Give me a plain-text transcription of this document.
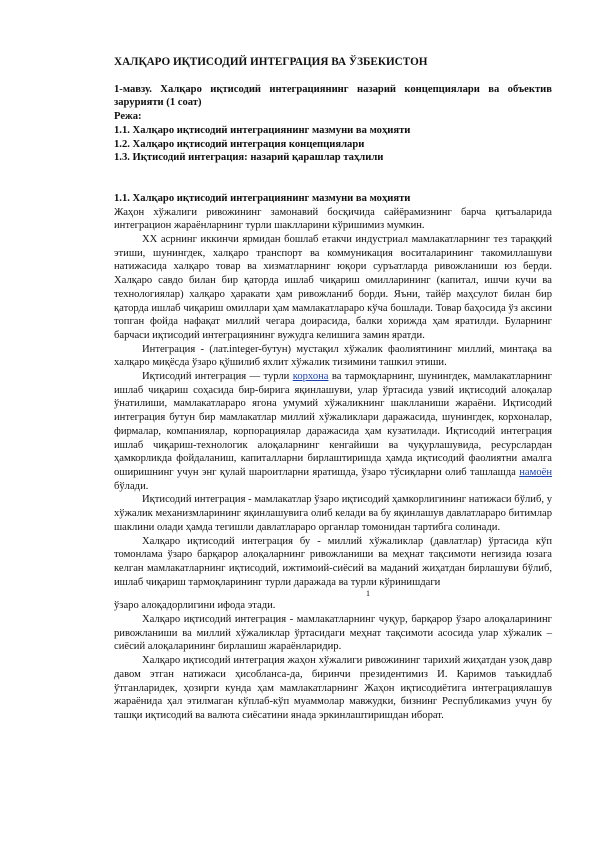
ХАЛҚАРО ИҚТИСОДИЙ ИНТЕГРАЦИЯ ВА ЎЗБЕКИСТОН

1-мавзу. Халқаро иқтисодий интеграциянинг назарий концепциялари ва объектив зарурияти (1 соат)

Режа:

1.1. Халқаро иқтисодий интеграциянинг мазмуни ва моҳияти

1.2. Халқаро иқтисодий интеграция концепциялари

1.3. Иқтисодий интеграция: назарий қарашлар таҳлили

1.1. Халқаро иқтисодий интеграциянинг мазмуни ва моҳияти

Жаҳон хўжалиги ривожининг замонавий босқичида сайёрамизнинг барча қитъаларида интеграцион жараёнларнинг турли шаклларини кўришимиз мумкин.

XX асрнинг иккинчи ярмидан бошлаб етакчи индустриал мамлакатларнинг тез тараққий этиши, шунингдек, халқаро транспорт ва коммуникация воситаларининг такомиллашуви натижасида халқаро товар ва хизматларнинг юқори суръатларда ривожланиши юз берди. Халқаро савдо билан бир қаторда ишлаб чиқариш омилларининг (капитал, ишчи кучи ва технологиялар) халқаро ҳаракати ҳам ривожланиб борди. Яъни, тайёр маҳсулот билан бир қаторда ишлаб чиқариш омиллари ҳам мамлакатлараро кўча бошлади. Товар баҳосида ўз аксини топган фойда нафақат миллий чегара доирасида, балки хорижда ҳам яратилди. Буларнинг барчаси иқтисодий интеграциянинг вужудга келишига замин яратди.

Интеграция - (лат.integer-бутун) мустақил хўжалик фаолиятининг миллий, минтақа ва халқаро миқёсда ўзаро қўшилиб яхлит хўжалик тизимини ташкил этиши.

Иқтисодий интеграция — турли корхона ва тармоқларнинг, шунингдек, мамлакатларнинг ишлаб чиқариш соҳасида бир-бирига яқинлашуви, улар ўртасида узвий иқтисодий алоқалар ўнатилиши, мамлакатлараро ягона умумий хўжаликнинг шаклланиши жараёни. Иқтисодий интеграция бутун бир мамлакатлар миллий хўжаликлари даражасида, шунингдек, корхоналар, фирмалар, компаниялар, корпорациялар даражасида ҳам кузатилади. Иқтисодий интеграция ишлаб чиқариш-технологик алоқаларнинг кенгайиши ва чуқурлашувида, ресурслардан ҳамкорликда фойдаланиш, капиталларни бирлаштиришда ҳамда иқтисодий фаолиятни амалга оширишнинг учун энг қулай шароитларни яратишда, ўзаро тўсиқларни олиб ташлашда намоён бўлади.

Иқтисодий интеграция - мамлакатлар ўзаро иқтисодий ҳамкорлигининг натижаси бўлиб, у хўжалик механизмларининг яқинлашувига олиб келади ва бу яқинлашув давлатлараро битимлар шаклини олади ҳамда тегишли давлатлараро органлар томонидан тартибга солинади.

Халқаро иқтисодий интеграция бу - миллий хўжаликлар (давлатлар) ўртасида кўп томонлама ўзаро барқарор алоқаларнинг ривожланиши ва меҳнат тақсимоти негизида юзага келган мамлакатларнинг иқтисодий, ижтимоий-сиёсий ва маданий жиҳатдан бирлашуви бўлиб, ишлаб чиқариш тармоқларининг турли даражада ва турли кўринишдаги

1

ўзаро алоқадорлигини ифода этади.

Халқаро иқтисодий интеграция - мамлакатларнинг чуқур, барқарор ўзаро алоқаларининг ривожланиши ва миллий хўжаликлар ўртасидаги меҳнат тақсимоти асосида улар хўжалик – сиёсий алоқаларининг бирлашиш жараёнларидир.

Халқаро иқтисодий интеграция жаҳон хўжалиги ривожининг тарихий жиҳатдан узоқ давр давом этган натижаси ҳисобланса-да, биринчи президентимиз И. Каримов таъкидлаб ўтганларидек, ҳозирги кунда ҳам мамлакатларнинг Жаҳон иқтисодиётига интеграциялашув жараёнида ҳал этилмаган кўплаб-кўп муаммолар мавжудки, бизнинг Республикамиз учун бу ташқи иқтисодий ва валюта сиёсатини янада эркинлаштиришдан иборат.
